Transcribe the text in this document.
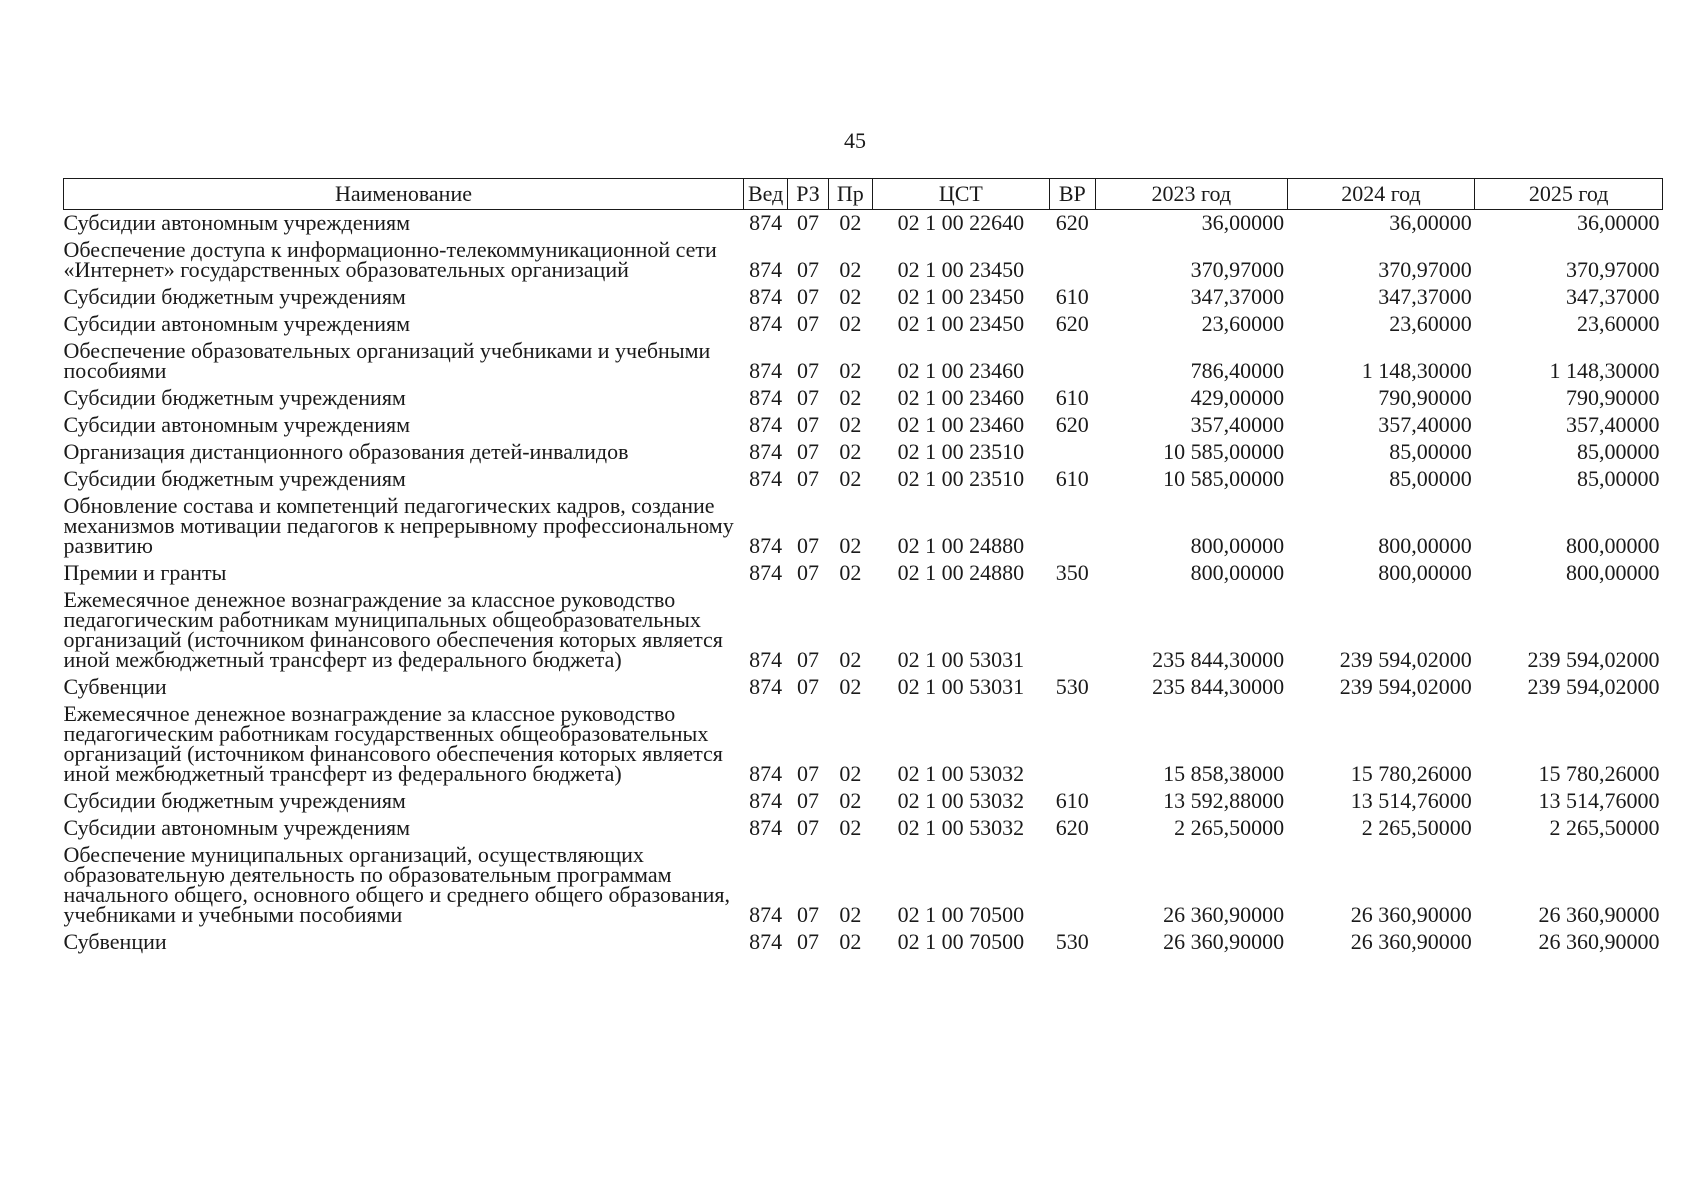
45
Наименование	Вед	РЗ	Пр	ЦСТ	ВР	2023 год	2024 год	2025 год
Субсидии автономным учреждениям	874	07	02	02 1 00 22640	620	36,00000	36,00000	36,00000
Обеспечение доступа к информационно-телекоммуникационной сети «Интернет» государственных образовательных организаций	874	07	02	02 1 00 23450		370,97000	370,97000	370,97000
Субсидии бюджетным учреждениям	874	07	02	02 1 00 23450	610	347,37000	347,37000	347,37000
Субсидии автономным учреждениям	874	07	02	02 1 00 23450	620	23,60000	23,60000	23,60000
Обеспечение образовательных организаций учебниками и учебными пособиями	874	07	02	02 1 00 23460		786,40000	1 148,30000	1 148,30000
Субсидии бюджетным учреждениям	874	07	02	02 1 00 23460	610	429,00000	790,90000	790,90000
Субсидии автономным учреждениям	874	07	02	02 1 00 23460	620	357,40000	357,40000	357,40000
Организация дистанционного образования детей-инвалидов	874	07	02	02 1 00 23510		10 585,00000	85,00000	85,00000
Субсидии бюджетным учреждениям	874	07	02	02 1 00 23510	610	10 585,00000	85,00000	85,00000
Обновление состава и компетенций педагогических кадров, создание механизмов мотивации педагогов к непрерывному профессиональному развитию	874	07	02	02 1 00 24880		800,00000	800,00000	800,00000
Премии и гранты	874	07	02	02 1 00 24880	350	800,00000	800,00000	800,00000
Ежемесячное денежное вознаграждение за классное руководство педагогическим работникам муниципальных общеобразовательных организаций (источником финансового обеспечения которых является иной межбюджетный трансферт из федерального бюджета)	874	07	02	02 1 00 53031		235 844,30000	239 594,02000	239 594,02000
Субвенции	874	07	02	02 1 00 53031	530	235 844,30000	239 594,02000	239 594,02000
Ежемесячное денежное вознаграждение за классное руководство педагогическим работникам государственных общеобразовательных организаций (источником финансового обеспечения которых является иной межбюджетный трансферт из федерального бюджета)	874	07	02	02 1 00 53032		15 858,38000	15 780,26000	15 780,26000
Субсидии бюджетным учреждениям	874	07	02	02 1 00 53032	610	13 592,88000	13 514,76000	13 514,76000
Субсидии автономным учреждениям	874	07	02	02 1 00 53032	620	2 265,50000	2 265,50000	2 265,50000
Обеспечение муниципальных организаций, осуществляющих образовательную деятельность по образовательным программам начального общего, основного общего и среднего общего образования, учебниками и учебными пособиями	874	07	02	02 1 00 70500		26 360,90000	26 360,90000	26 360,90000
Субвенции	874	07	02	02 1 00 70500	530	26 360,90000	26 360,90000	26 360,90000
